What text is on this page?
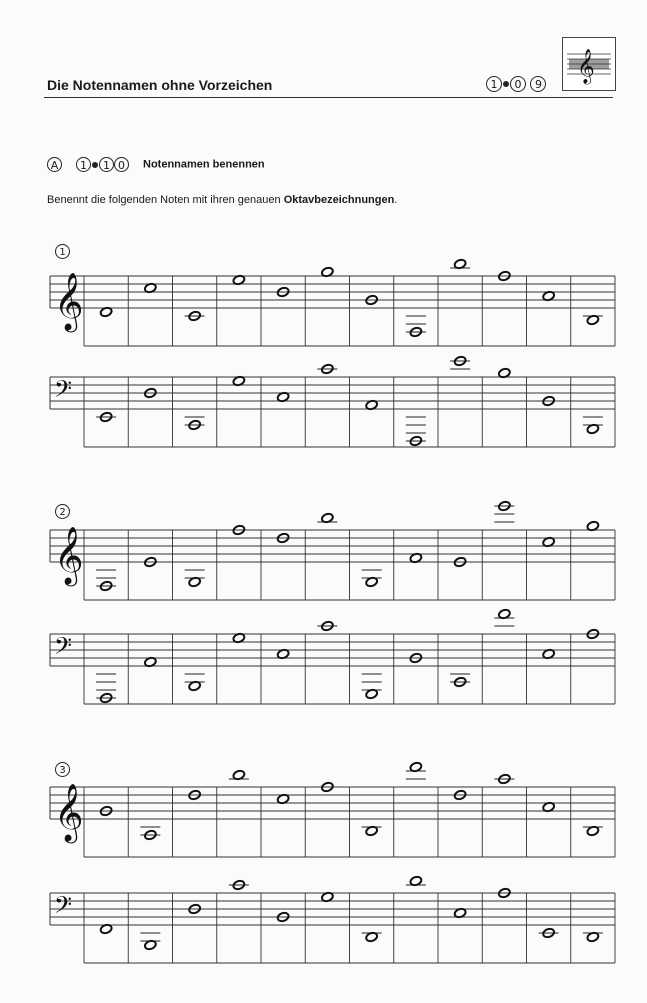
Die Notennamen ohne Vorzeichen	1 0 9
𝄞
A 1 1 0 Notennamen benennen
Benennt die folgenden Noten mit ihren genauen Oktavbezeichnungen.
1
2
3
𝄞
𝄢
𝄞
𝄢
𝄞
𝄢
